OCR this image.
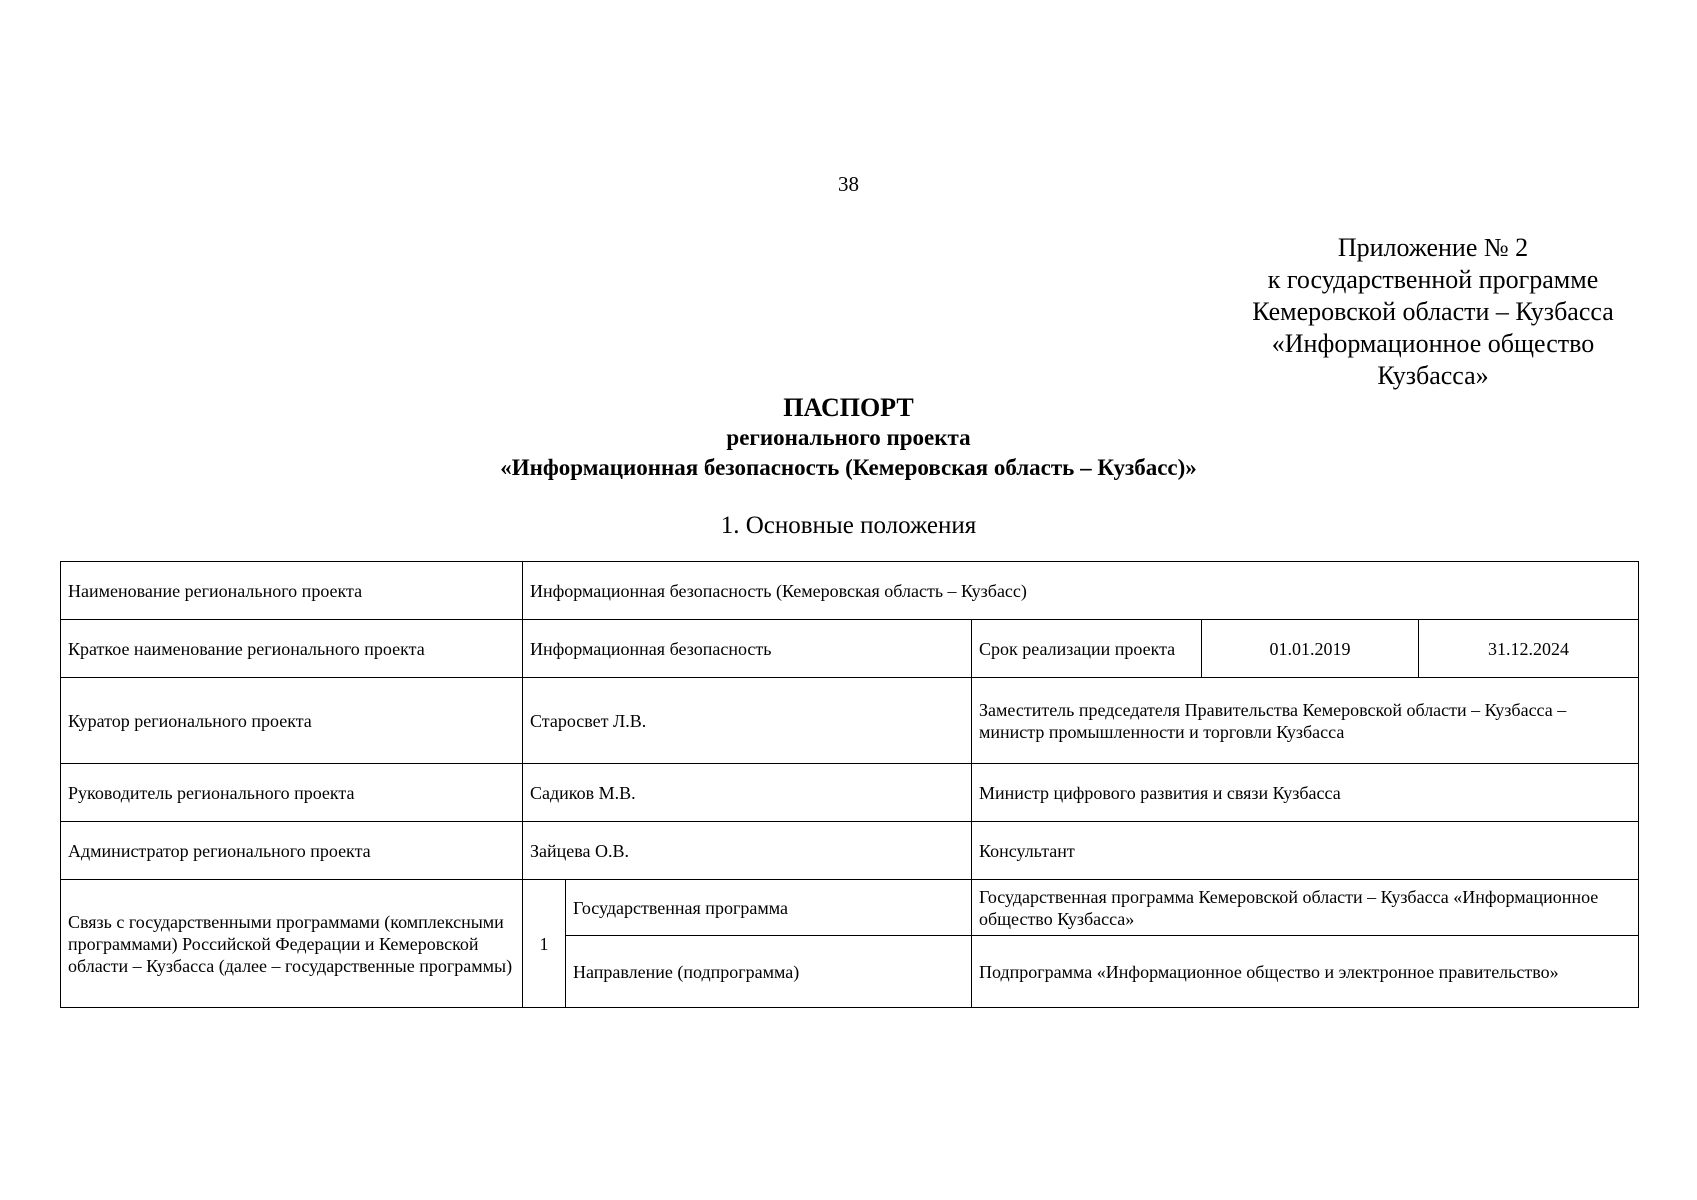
38
Приложение № 2
к государственной программе
Кемеровской области – Кузбасса
«Информационное общество
Кузбасса»
ПАСПОРТ
регионального проекта
«Информационная безопасность (Кемеровская область – Кузбасс)»
1. Основные положения
Наименование регионального проекта	Информационная безопасность (Кемеровская область – Кузбасс)				
Краткое наименование регионального проекта	Информационная безопасность		Срок реализации проекта	01.01.2019	31.12.2024
Куратор регионального проекта	Старосвет Л.В.		Заместитель председателя Правительства Кемеровской области – Кузбасса – министр промышленности и торговли Кузбасса		
Руководитель регионального проекта	Садиков М.В.		Министр цифрового развития и связи Кузбасса		
Администратор регионального проекта	Зайцева О.В.		Консультант		
Связь с государственными программами (комплексными программами) Российской Федерации и Кемеровской области – Кузбасса (далее – государственные программы)	1	Государственная программа	Государственная программа Кемеровской области – Кузбасса «Информационное общество Кузбасса»		
		Направление (подпрограмма)	Подпрограмма «Информационное общество и электронное правительство»		
